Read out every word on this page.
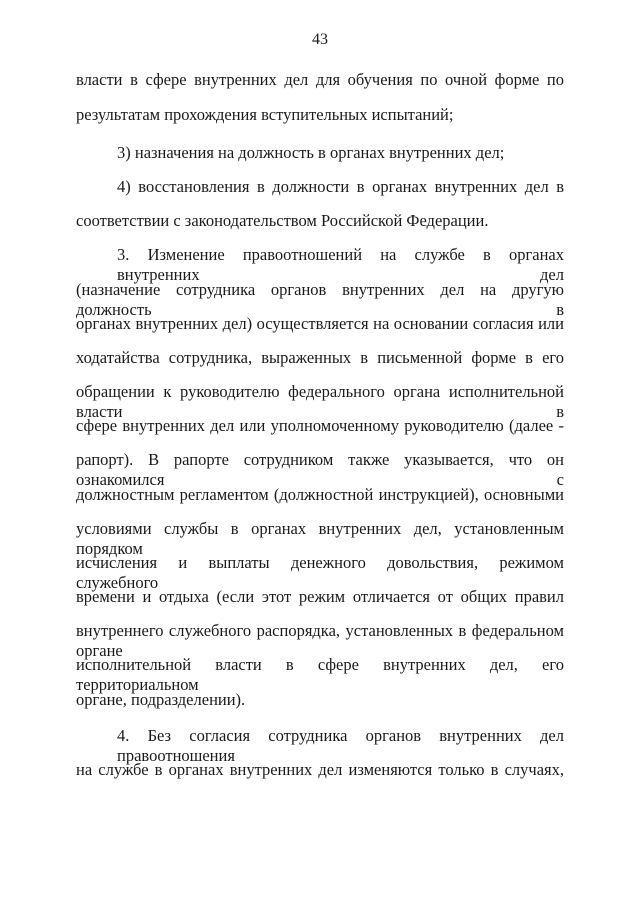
43
власти в сфере внутренних дел для обучения по очной форме по
результатам прохождения вступительных испытаний;
3) назначения на должность в органах внутренних дел;
4) восстановления в должности в органах внутренних дел в
соответствии с законодательством Российской Федерации.
3. Изменение правоотношений на службе в органах внутренних дел
(назначение сотрудника органов внутренних дел на другую должность в
органах внутренних дел) осуществляется на основании согласия или
ходатайства сотрудника, выраженных в письменной форме в его
обращении к руководителю федерального органа исполнительной власти в
сфере внутренних дел или уполномоченному руководителю (далее -
рапорт). В рапорте сотрудником также указывается, что он ознакомился с
должностным регламентом (должностной инструкцией), основными
условиями службы в органах внутренних дел, установленным порядком
исчисления и выплаты денежного довольствия, режимом служебного
времени и отдыха (если этот режим отличается от общих правил
внутреннего служебного распорядка, установленных в федеральном органе
исполнительной власти в сфере внутренних дел, его территориальном
органе, подразделении).
4. Без согласия сотрудника органов внутренних дел правоотношения
на службе в органах внутренних дел изменяются только в случаях,
